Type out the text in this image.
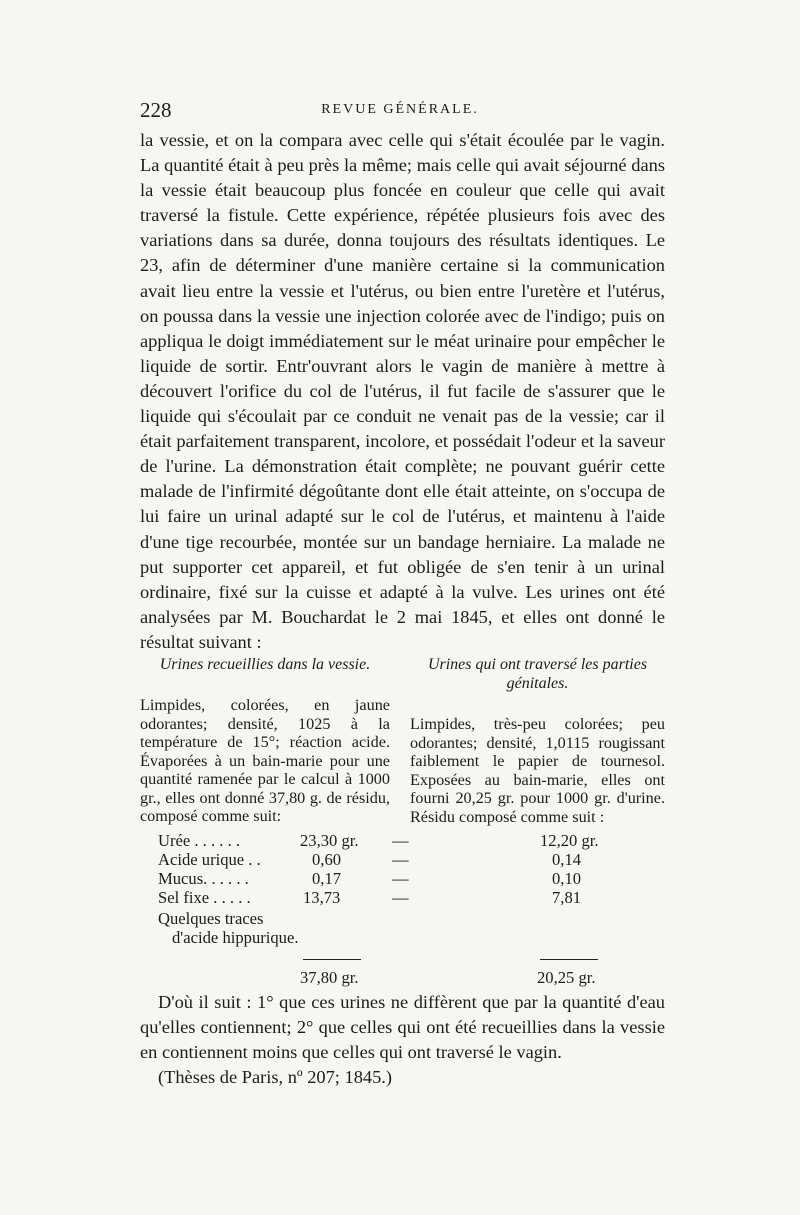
228	REVUE GÉNÉRALE.

la vessie, et on la compara avec celle qui s'était écoulée par le vagin. La quantité était à peu près la même; mais celle qui avait séjourné dans la vessie était beaucoup plus foncée en couleur que celle qui avait traversé la fistule. Cette expérience, répétée plusieurs fois avec des variations dans sa durée, donna toujours des résultats identiques. Le 23, afin de déterminer d'une manière certaine si la communication avait lieu entre la vessie et l'utérus, ou bien entre l'uretère et l'utérus, on poussa dans la vessie une injection colorée avec de l'indigo; puis on appliqua le doigt immédiatement sur le méat urinaire pour empêcher le liquide de sortir. Entr'ouvrant alors le vagin de manière à mettre à découvert l'orifice du col de l'utérus, il fut facile de s'assurer que le liquide qui s'écoulait par ce conduit ne venait pas de la vessie; car il était parfaitement transparent, incolore, et possédait l'odeur et la saveur de l'urine. La démonstration était complète; ne pouvant guérir cette malade de l'infirmité dégoûtante dont elle était atteinte, on s'occupa de lui faire un urinal adapté sur le col de l'utérus, et maintenu à l'aide d'une tige recourbée, montée sur un bandage herniaire. La malade ne put supporter cet appareil, et fut obligée de s'en tenir à un urinal ordinaire, fixé sur la cuisse et adapté à la vulve. Les urines ont été analysées par M. Bouchardat le 2 mai 1845, et elles ont donné le résultat suivant :

Urines recueillies dans la vessie.
Limpides, colorées, en jaune odorantes; densité, 1025 à la température de 15°; réaction acide. Évaporées à un bain-marie pour une quantité ramenée par le calcul à 1000 gr., elles ont donné 37,80 g. de résidu, composé comme suit:
Urines qui ont traversé les parties génitales.
Limpides, très-peu colorées; peu odorantes; densité, 1,0115 rougissant faiblement le papier de tournesol. Exposées au bain-marie, elles ont fourni 20,25 gr. pour 1000 gr. d'urine. Résidu composé comme suit :
Urée . . . . . .	23,30 gr. —	12,20 gr.
Acide urique . .	0,60	—	0,14
Mucus. . . . . .	0,17	—	0,10
Sel fixe . . . . .	13,73	—	7,81
Quelques traces
d'acide hippurique.
37,80 gr.	20,25 gr.

D'où il suit : 1° que ces urines ne diffèrent que par la quantité d'eau qu'elles contiennent; 2° que celles qui ont été recueillies dans la vessie en contiennent moins que celles qui ont traversé le vagin.
(Thèses de Paris, nº 207; 1845.)
